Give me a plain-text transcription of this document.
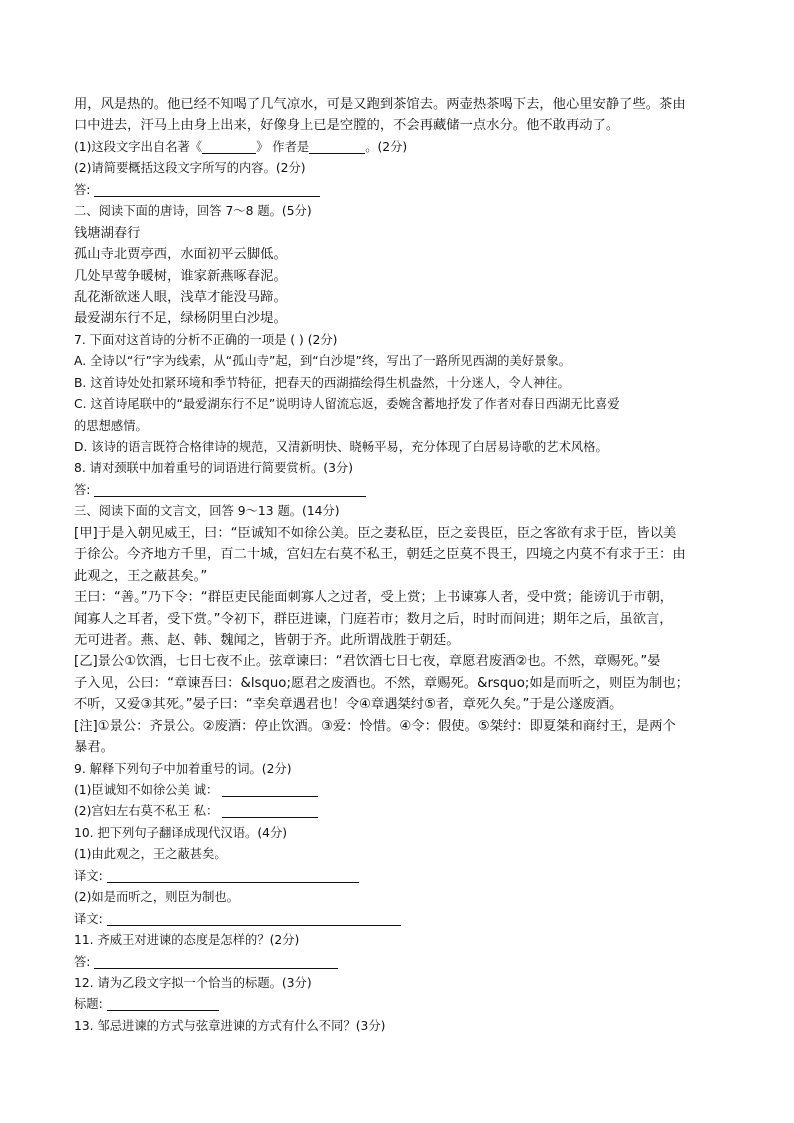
用，风是热的。他已经不知喝了几气凉水，可是又跑到茶馆去。两壶热茶喝下去，他心里安静了些。茶由
口中进去，汗马上由身上出来，好像身上已是空膛的，不会再藏储一点水分。他不敢再动了。
(1)这段文字出自名著《	》 作者是	。(2分)
(2)请简要概括这段文字所写的内容。(2分)
答:
二、阅读下面的唐诗，回答 7～8 题。(5分)
钱塘湖春行
孤山寺北贾亭西，水面初平云脚低。
几处早莺争暖树，谁家新燕啄春泥。
乱花渐欲迷人眼，浅草才能没马蹄。
最爱湖东行不足，绿杨阴里白沙堤。
7. 下面对这首诗的分析不正确的一项是 ( ) (2分)
A. 全诗以“行”字为线索，从“孤山寺”起，到“白沙堤”终，写出了一路所见西湖的美好景象。
B. 这首诗处处扣紧环境和季节特征，把春天的西湖描绘得生机盎然，十分迷人，令人神往。
C. 这首诗尾联中的“最爱湖东行不足”说明诗人留流忘返，委婉含蓄地抒发了作者对春日西湖无比喜爱
的思想感情。
D. 该诗的语言既符合格律诗的规范，又清新明快、晓畅平易，充分体现了白居易诗歌的艺术风格。
8. 请对颈联中加着重号的词语进行简要赏析。(3分)
答:
三、阅读下面的文言文，回答 9～13 题。(14分)
[甲]于是入朝见威王，曰：“臣诚知不如徐公美。臣之妻私臣，臣之妾畏臣，臣之客欲有求于臣，皆以美
于徐公。今齐地方千里，百二十城，宫妇左右莫不私王，朝廷之臣莫不畏王，四境之内莫不有求于王：由
此观之，王之蔽甚矣。”
王曰：“善。”乃下令：“群臣吏民能面刺寡人之过者，受上赏；上书谏寡人者，受中赏；能谤讥于市朝，
闻寡人之耳者，受下赏。”令初下，群臣进谏，门庭若市；数月之后，时时而间进；期年之后，虽欲言，
无可进者。燕、赵、韩、魏闻之，皆朝于齐。此所谓战胜于朝廷。
[乙]景公①饮酒，七日七夜不止。弦章谏曰：“君饮酒七日七夜，章愿君废酒②也。不然，章赐死。”晏
子入见，公曰：“章谏吾曰：&lsquo;愿君之废酒也。不然，章赐死。&rsquo;如是而听之，则臣为制也；
不听，又爱③其死。”晏子曰：“幸矣章遇君也！令④章遇桀纣⑤者，章死久矣。”于是公遂废酒。
[注]①景公：齐景公。②废酒：停止饮酒。③爱：怜惜。④令：假使。⑤桀纣：即夏桀和商纣王，是两个
暴君。
9. 解释下列句子中加着重号的词。(2分)
(1)臣诚知不如徐公美 诚：
(2)宫妇左右莫不私王 私：
10. 把下列句子翻译成现代汉语。(4分)
(1)由此观之，王之蔽甚矣。
译文:
(2)如是而听之，则臣为制也。
译文:
11. 齐威王对进谏的态度是怎样的？(2分)
答:
12. 请为乙段文字拟一个恰当的标题。(3分)
标题:
13. 邹忌进谏的方式与弦章进谏的方式有什么不同？(3分)
